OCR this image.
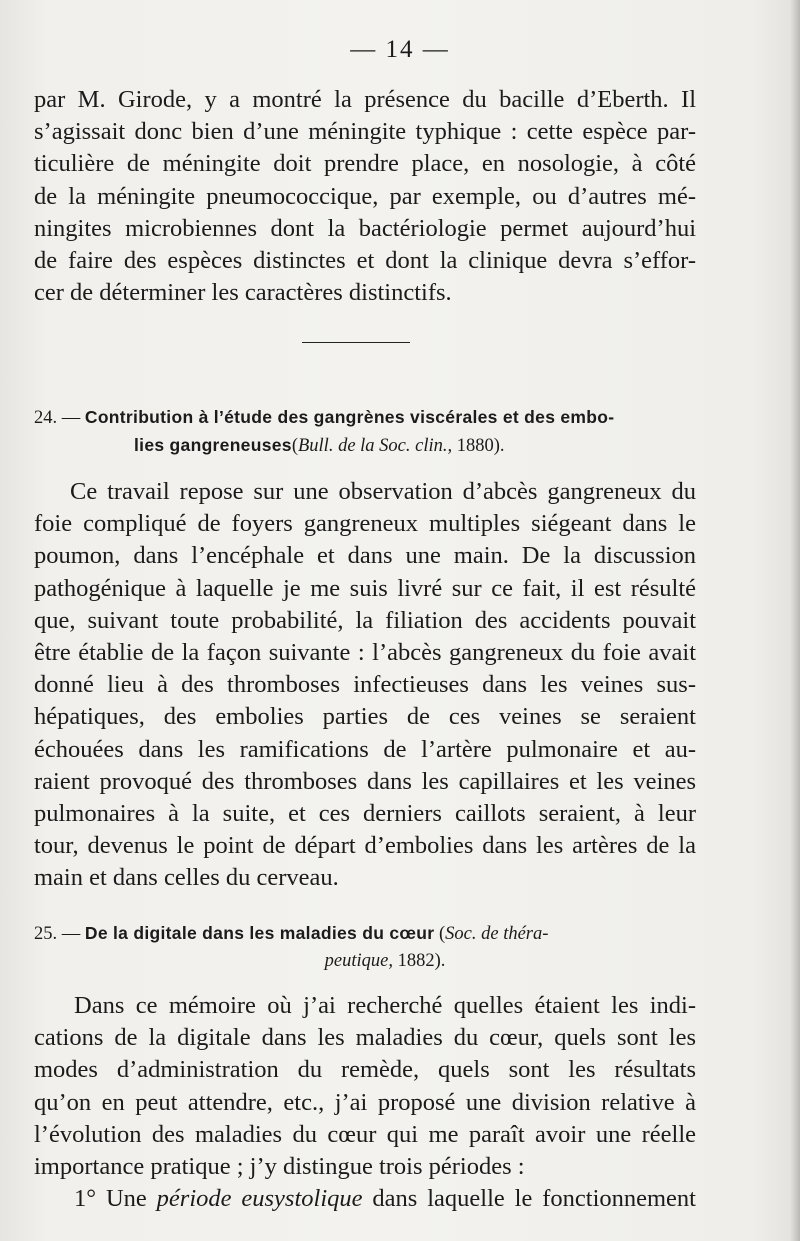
— 14 —

par M. Girode, y a montré la présence du bacille d’Eberth. Il
s’agissait donc bien d’une méningite typhique : cette espèce par-
ticulière de méningite doit prendre place, en nosologie, à côté
de la méningite pneumococcique, par exemple, ou d’autres mé-
ningites microbiennes dont la bactériologie permet aujourd’hui
de faire des espèces distinctes et dont la clinique devra s’effor-
cer de déterminer les caractères distinctifs.

24. — Contribution à l’étude des gangrènes viscérales et des embo-
lies gangreneuses(Bull. de la Soc. clin., 1880).

Ce travail repose sur une observation d’abcès gangreneux du
foie compliqué de foyers gangreneux multiples siégeant dans le
poumon, dans l’encéphale et dans une main. De la discussion
pathogénique à laquelle je me suis livré sur ce fait, il est résulté
que, suivant toute probabilité, la filiation des accidents pouvait
être établie de la façon suivante : l’abcès gangreneux du foie avait
donné lieu à des thromboses infectieuses dans les veines sus-
hépatiques, des embolies parties de ces veines se seraient
échouées dans les ramifications de l’artère pulmonaire et au-
raient provoqué des thromboses dans les capillaires et les veines
pulmonaires à la suite, et ces derniers caillots seraient, à leur
tour, devenus le point de départ d’embolies dans les artères de la
main et dans celles du cerveau.

25. — De la digitale dans les maladies du cœur (Soc. de théra-
peutique, 1882).

Dans ce mémoire où j’ai recherché quelles étaient les indi-
cations de la digitale dans les maladies du cœur, quels sont les
modes d’administration du remède, quels sont les résultats
qu’on en peut attendre, etc., j’ai proposé une division relative à
l’évolution des maladies du cœur qui me paraît avoir une réelle
importance pratique ; j’y distingue trois périodes :
1° Une période eusystolique dans laquelle le fonctionnement
